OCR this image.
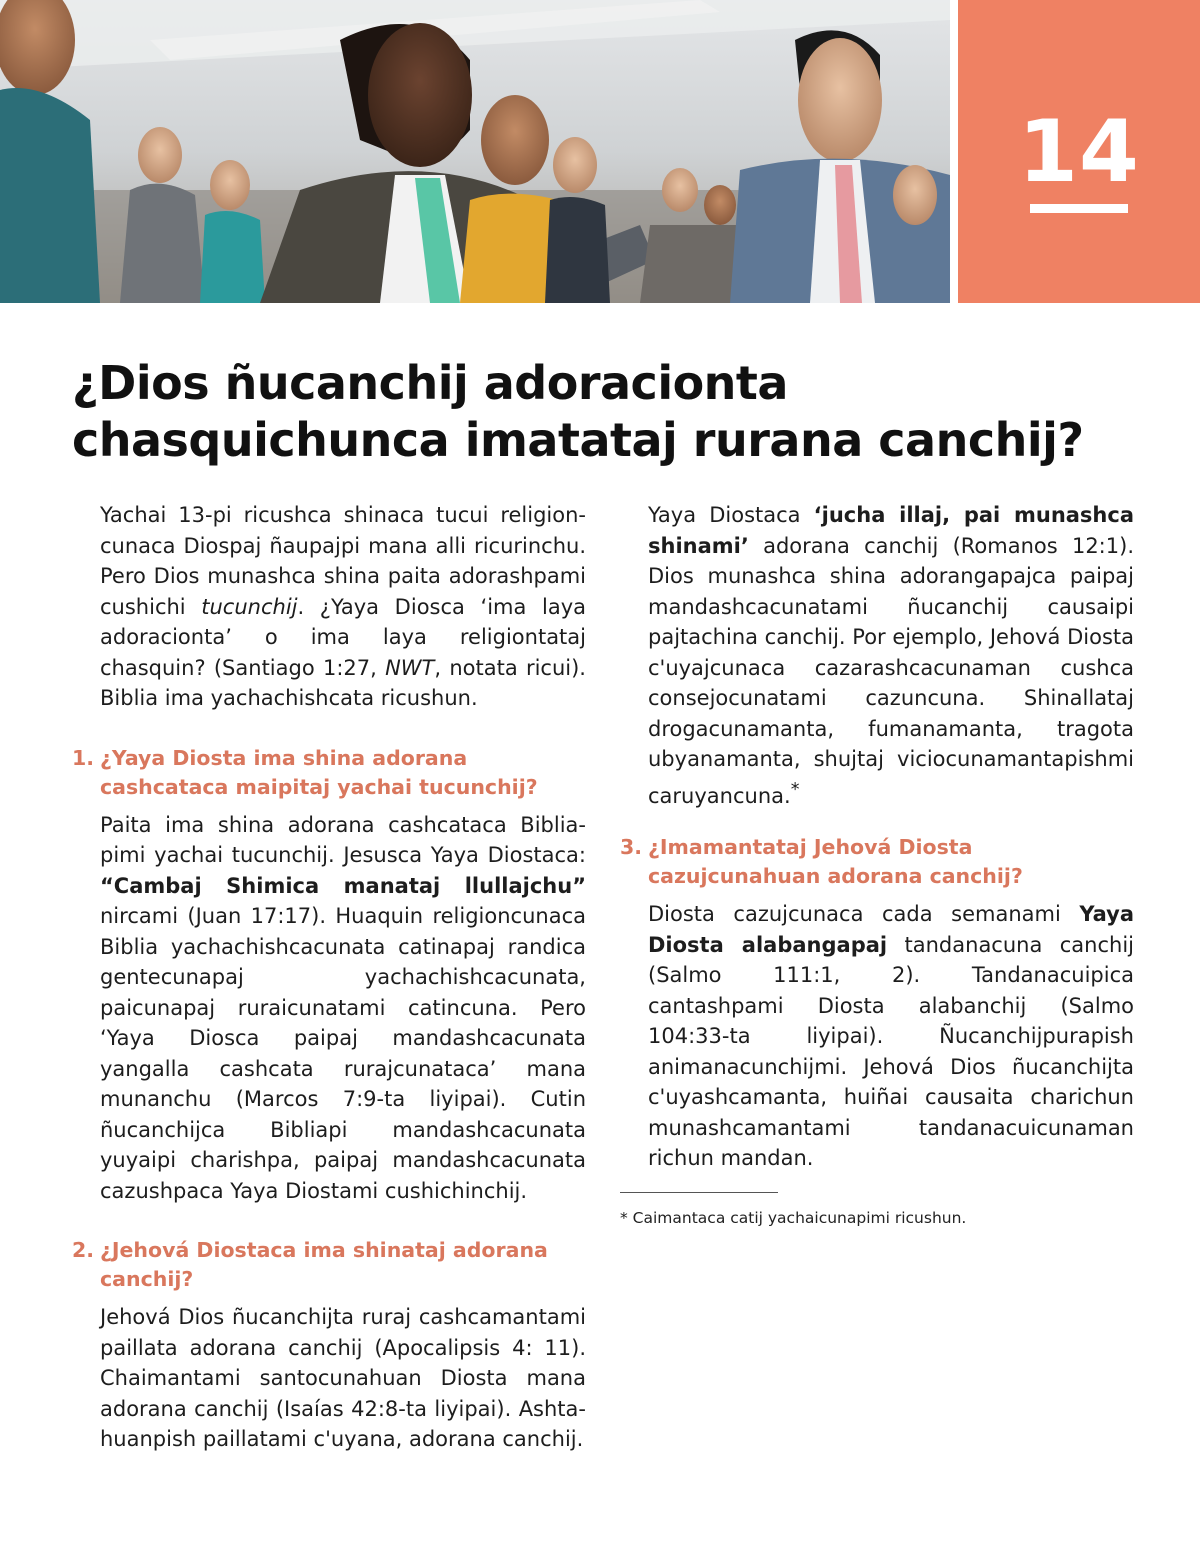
14
¿Dios ñucanchij adoracionta
chasquichunca imatataj rurana canchij?

Yachai 13-pi ricushca shinaca tucui religioncunaca Diospaj ñaupajpi mana alli ricurinchu. Pero Dios munashca shina paita adorashpami cushichi tucunchij. ¿Yaya Diosca ‘ima laya adoracionta’ o ima laya religiontataj chasquin? (Santiago 1:27, NWT, notata ricui). Biblia ima yachachishcata ricushun.

1. ¿Yaya Diosta ima shina adorana cashcataca maipitaj yachai tucunchij?

Paita ima shina adorana cashcataca Bibliapimi yachai tucunchij. Jesusca Yaya Diostaca: “Cambaj Shimica manataj llullajchu” nircami (Juan 17:17). Huaquin religioncunaca Biblia yachachishcacunata catinapaj randica gentecunapaj yachachishcacunata, paicunapaj ruraicunatami catincuna. Pero ‘Yaya Diosca paipaj mandashcacunata yangalla cashcata rurajcunataca’ mana munanchu (Marcos 7:9-ta liyipai). Cutin ñucanchijca Bibliapi mandashcacunata yuyaipi charishpa, paipaj mandashcacunata cazushpaca Yaya Diostami cushichinchij.

2. ¿Jehová Diostaca ima shinataj adorana canchij?

Jehová Dios ñucanchijta ruraj cashcamantami paillata adorana canchij (Apocalipsis 4: 11). Chaimantami santocunahuan Diosta mana adorana canchij (Isaías 42:8-ta liyipai). Ashtahuanpish paillatami c'uyana, adorana canchij.

Yaya Diostaca ‘jucha illaj, pai munashca shinami’ adorana canchij (Romanos 12:1). Dios munashca shina adorangapajca paipaj mandashcacunatami ñucanchij causaipi pajtachina canchij. Por ejemplo, Jehová Diosta c'uyajcunaca cazarashcacunaman cushca consejocunatami cazuncuna. Shinallataj drogacunamanta, fumanamanta, tragota ubyanamanta, shujtaj viciocunamantapishmi caruyancuna.*

3. ¿Imamantataj Jehová Diosta cazujcunahuan adorana canchij?

Diosta cazujcunaca cada semanami Yaya Diosta alabangapaj tandanacuna canchij (Salmo 111:1, 2). Tandanacuipica cantashpami Diosta alabanchij (Salmo 104:33-ta liyipai). Ñucanchijpurapish animanacunchijmi. Jehová Dios ñucanchijta c'uyashcamanta, huiñai causaita charichun munashcamantami tandanacuicunaman richun mandan.

* Caimantaca catij yachaicunapimi ricushun.
